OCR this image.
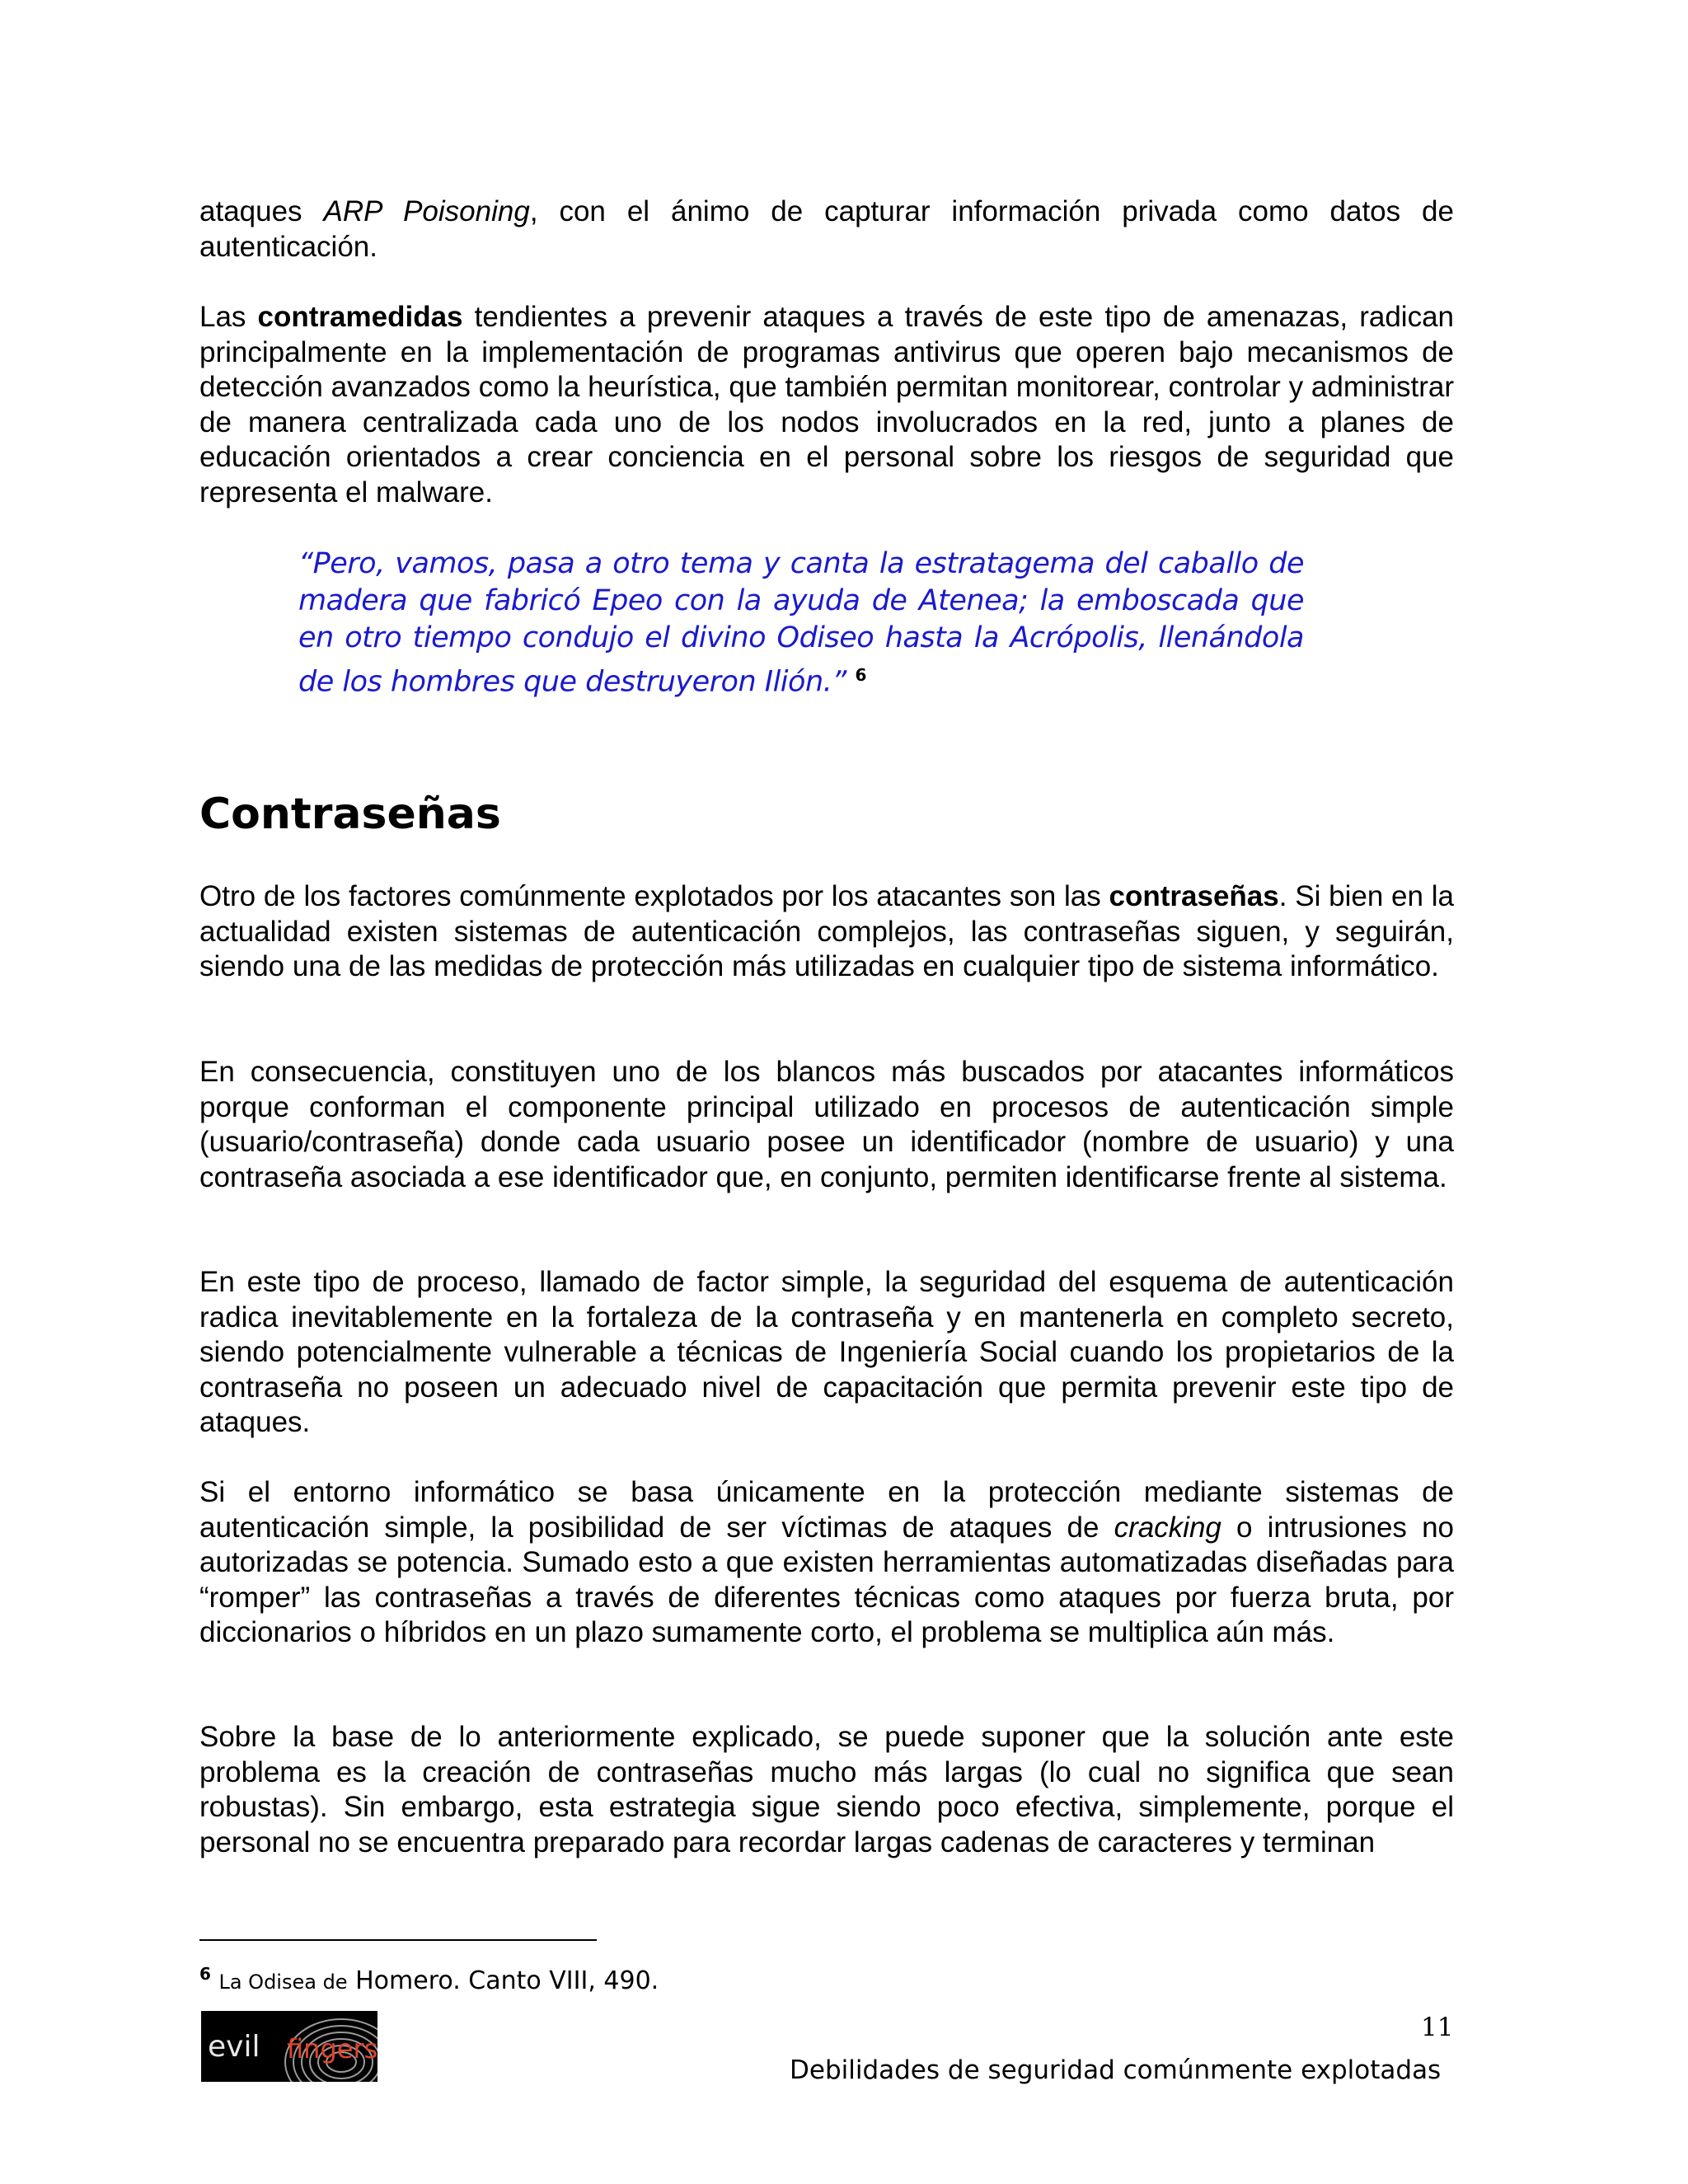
ataques ARP Poisoning, con el ánimo de capturar información privada como datos de autenticación.

Las contramedidas tendientes a prevenir ataques a través de este tipo de amenazas, radican principalmente en la implementación de programas antivirus que operen bajo mecanismos de detección avanzados como la heurística, que también permitan monitorear, controlar y administrar de manera centralizada cada uno de los nodos involucrados en la red, junto a planes de educación orientados a crear conciencia en el personal sobre los riesgos de seguridad que representa el malware.

“Pero, vamos, pasa a otro tema y canta la estratagema del caballo de madera que fabricó Epeo con la ayuda de Atenea; la emboscada que en otro tiempo condujo el divino Odiseo hasta la Acrópolis, llenándola de los hombres que destruyeron Ilión.” $^6$

Contraseñas

Otro de los factores comúnmente explotados por los atacantes son las contraseñas. Si bien en la actualidad existen sistemas de autenticación complejos, las contraseñas siguen, y seguirán, siendo una de las medidas de protección más utilizadas en cualquier tipo de sistema informático.

En consecuencia, constituyen uno de los blancos más buscados por atacantes informáticos porque conforman el componente principal utilizado en procesos de autenticación simple (usuario/contraseña) donde cada usuario posee un identificador (nombre de usuario) y una contraseña asociada a ese identificador que, en conjunto, permiten identificarse frente al sistema.

En este tipo de proceso, llamado de factor simple, la seguridad del esquema de autenticación radica inevitablemente en la fortaleza de la contraseña y en mantenerla en completo secreto, siendo potencialmente vulnerable a técnicas de Ingeniería Social cuando los propietarios de la contraseña no poseen un adecuado nivel de capacitación que permita prevenir este tipo de ataques.

Si el entorno informático se basa únicamente en la protección mediante sistemas de autenticación simple, la posibilidad de ser víctimas de ataques de cracking o intrusiones no autorizadas se potencia. Sumado esto a que existen herramientas automatizadas diseñadas para “romper” las contraseñas a través de diferentes técnicas como ataques por fuerza bruta, por diccionarios o híbridos en un plazo sumamente corto, el problema se multiplica aún más.

Sobre la base de lo anteriormente explicado, se puede suponer que la solución ante este problema es la creación de contraseñas mucho más largas (lo cual no significa que sean robustas). Sin embargo, esta estrategia sigue siendo poco efectiva, simplemente, porque el personal no se encuentra preparado para recordar largas cadenas de caracteres y terminan

$^6$ La Odisea de Homero. Canto VIII, 490.

evil fingers
11
Debilidades de seguridad comúnmente explotadas
